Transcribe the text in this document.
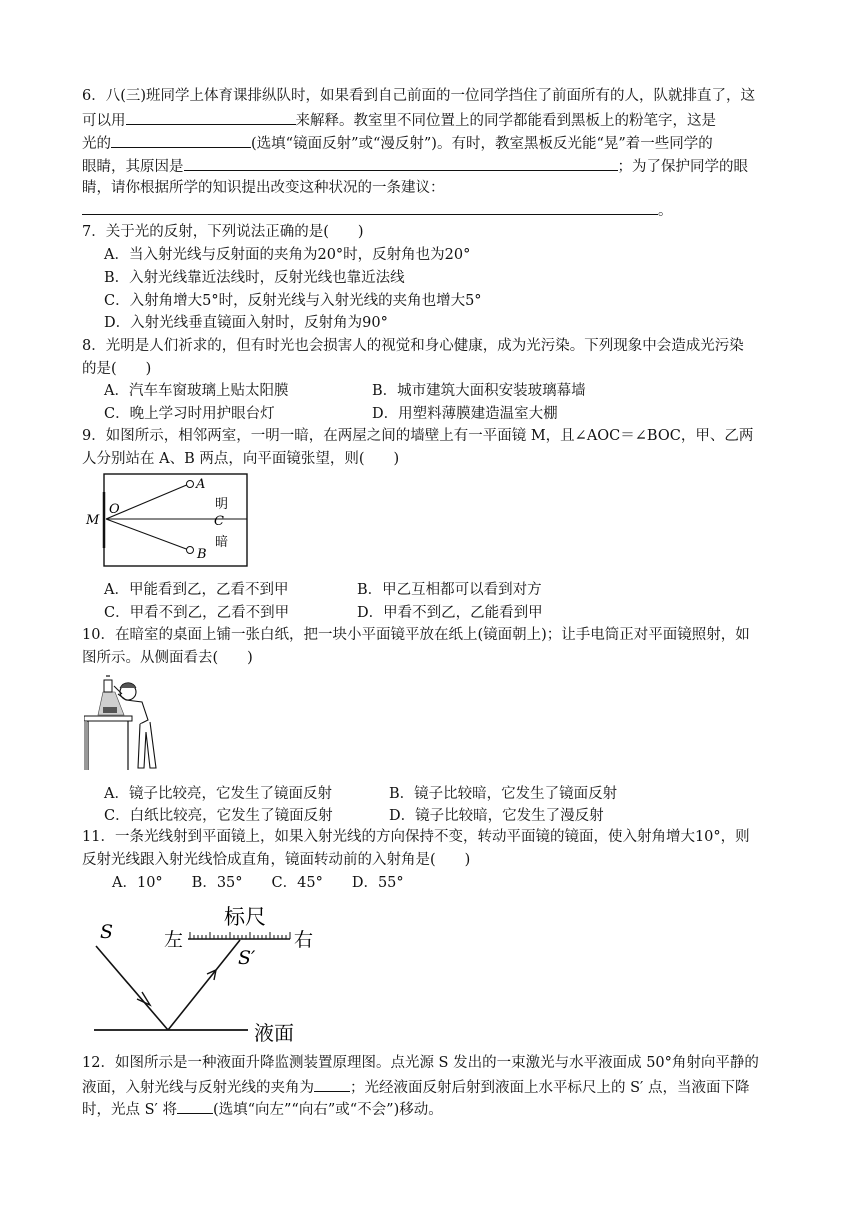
6．八(三)班同学上体育课排纵队时，如果看到自己前面的一位同学挡住了前面所有的人，队就排直了，这
可以用	来解释。教室里不同位置上的同学都能看到黑板上的粉笔字，这是
光的	(选填“镜面反射”或“漫反射”)。有时，教室黑板反光能“晃”着一些同学的
眼睛，其原因是	；为了保护同学的眼
睛，请你根据所学的知识提出改变这种状况的一条建议：
。
7．关于光的反射，下列说法正确的是(　　)
A．当入射光线与反射面的夹角为20°时，反射角也为20°
B．入射光线靠近法线时，反射光线也靠近法线
C．入射角增大5°时，反射光线与入射光线的夹角也增大5°
D．入射光线垂直镜面入射时，反射角为90°
8．光明是人们祈求的，但有时光也会损害人的视觉和身心健康，成为光污染。下列现象中会造成光污染
的是(　　)
A．汽车车窗玻璃上贴太阳膜	B．城市建筑大面积安装玻璃幕墙
C．晚上学习时用护眼台灯	D．用塑料薄膜建造温室大棚
9．如图所示，相邻两室，一明一暗，在两屋之间的墙壁上有一平面镜 M，且∠AOC＝∠BOC，甲、乙两
人分别站在 A、B 两点，向平面镜张望，则(　　)
A
B
M
O
C
明
暗
A．甲能看到乙，乙看不到甲	B．甲乙互相都可以看到对方
C．甲看不到乙，乙看不到甲	D．甲看不到乙，乙能看到甲
10．在暗室的桌面上铺一张白纸，把一块小平面镜平放在纸上(镜面朝上)；让手电筒正对平面镜照射，如
图所示。从侧面看去(　　)
A．镜子比较亮，它发生了镜面反射	B．镜子比较暗，它发生了镜面反射
C．白纸比较亮，它发生了镜面反射	D．镜子比较暗，它发生了漫反射
11．一条光线射到平面镜上，如果入射光线的方向保持不变，转动平面镜的镜面，使入射角增大10°，则
反射光线跟入射光线恰成直角，镜面转动前的入射角是(　　)
A．10°　　B．35°　　C．45°　　D．55°
标尺
左	右
S
S′
液面
12．如图所示是一种液面升降监测装置原理图。点光源 S 发出的一束激光与水平液面成 50°角射向平静的
液面，入射光线与反射光线的夹角为 ；光经液面反射后射到液面上水平标尺上的 S′ 点，当液面下降
时，光点 S′ 将 (选填“向左”“向右”或“不会”)移动。
